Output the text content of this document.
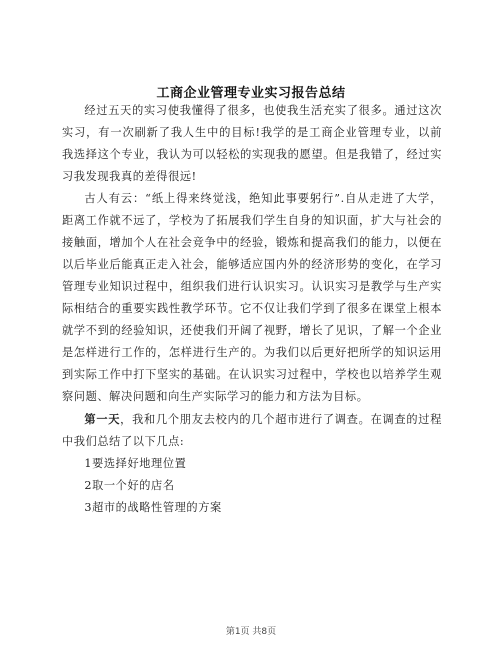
工商企业管理专业实习报告总结

经过五天的实习使我懂得了很多，也使我生活充实了很多。通过这次实习，有一次刷新了我人生中的目标!我学的是工商企业管理专业，以前我选择这个专业，我认为可以轻松的实现我的愿望。但是我错了，经过实习我发现我真的差得很远!

古人有云：“纸上得来终觉浅，绝知此事要躬行”.自从走进了大学，距离工作就不远了，学校为了拓展我们学生自身的知识面，扩大与社会的接触面，增加个人在社会竞争中的经验，锻炼和提高我们的能力，以便在以后毕业后能真正走入社会，能够适应国内外的经济形势的变化，在学习管理专业知识过程中，组织我们进行认识实习。认识实习是教学与生产实际相结合的重要实践性教学环节。它不仅让我们学到了很多在课堂上根本就学不到的经验知识，还使我们开阔了视野，增长了见识，了解一个企业是怎样进行工作的，怎样进行生产的。为我们以后更好把所学的知识运用到实际工作中打下坚实的基础。在认识实习过程中，学校也以培养学生观察问题、解决问题和向生产实际学习的能力和方法为目标。

第一天，我和几个朋友去校内的几个超市进行了调查。在调查的过程中我们总结了以下几点:

1要选择好地理位置

2取一个好的店名

3超市的战略性管理的方案

第1页 共8页
